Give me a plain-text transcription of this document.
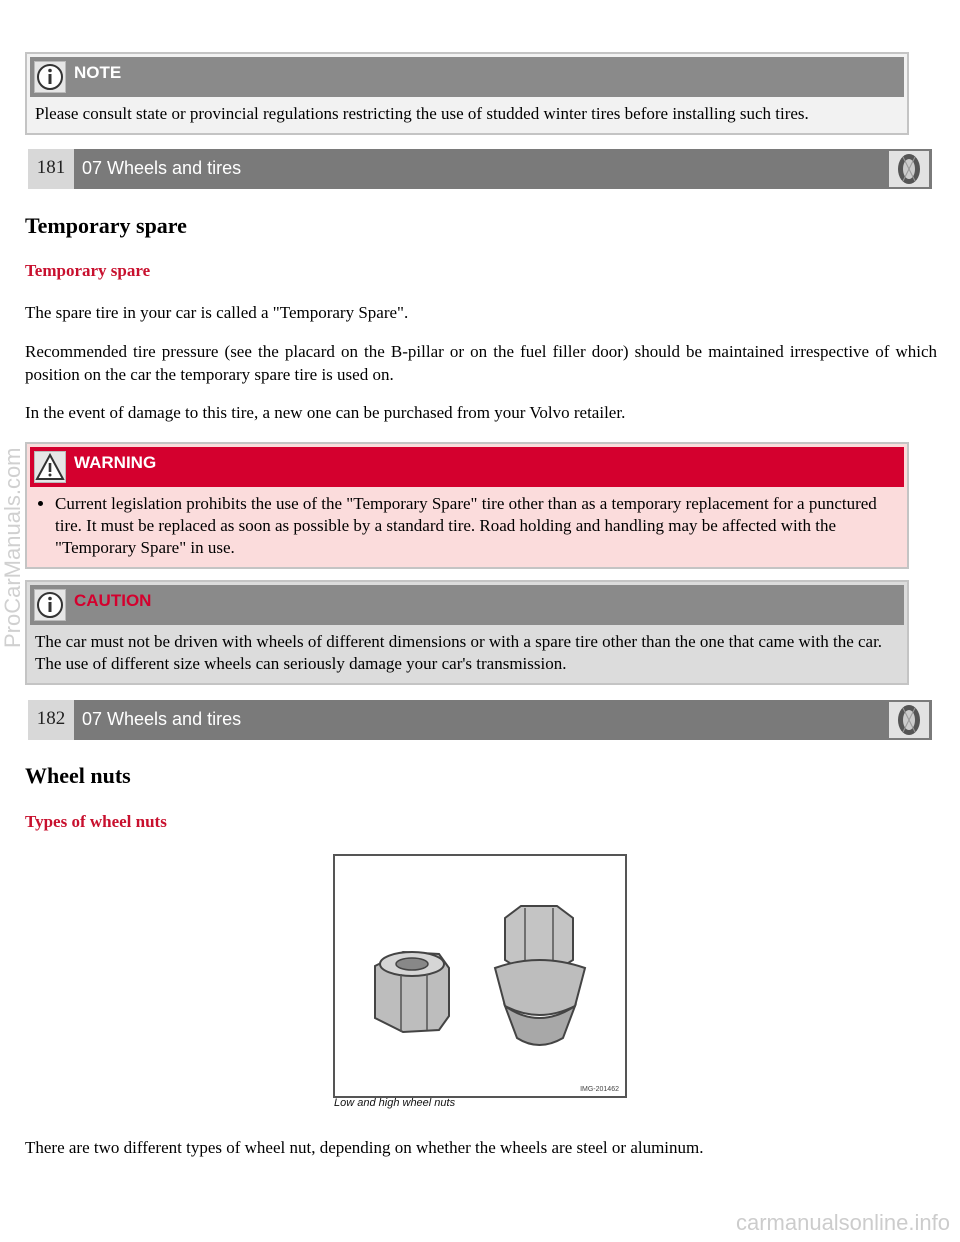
NOTE
Please consult state or provincial regulations restricting the use of studded winter tires before installing such tires.
181 07 Wheels and tires
Temporary spare
Temporary spare

The spare tire in your car is called a "Temporary Spare".

Recommended tire pressure (see the placard on the B-pillar or on the fuel filler door) should be maintained irrespective of which position on the car the temporary spare tire is used on.

In the event of damage to this tire, a new one can be purchased from your Volvo retailer.

WARNING
• Current legislation prohibits the use of the "Temporary Spare" tire other than as a temporary replacement for a punctured tire. It must be replaced as soon as possible by a standard tire. Road holding and handling may be affected with the "Temporary Spare" in use.
CAUTION
The car must not be driven with wheels of different dimensions or with a spare tire other than the one that came with the car. The use of different size wheels can seriously damage your car's transmission.
182 07 Wheels and tires
Wheel nuts
Types of wheel nuts
IMG-201462
Low and high wheel nuts

There are two different types of wheel nut, depending on whether the wheels are steel or aluminum.

ProCarManuals.com
carmanualsonline.info
